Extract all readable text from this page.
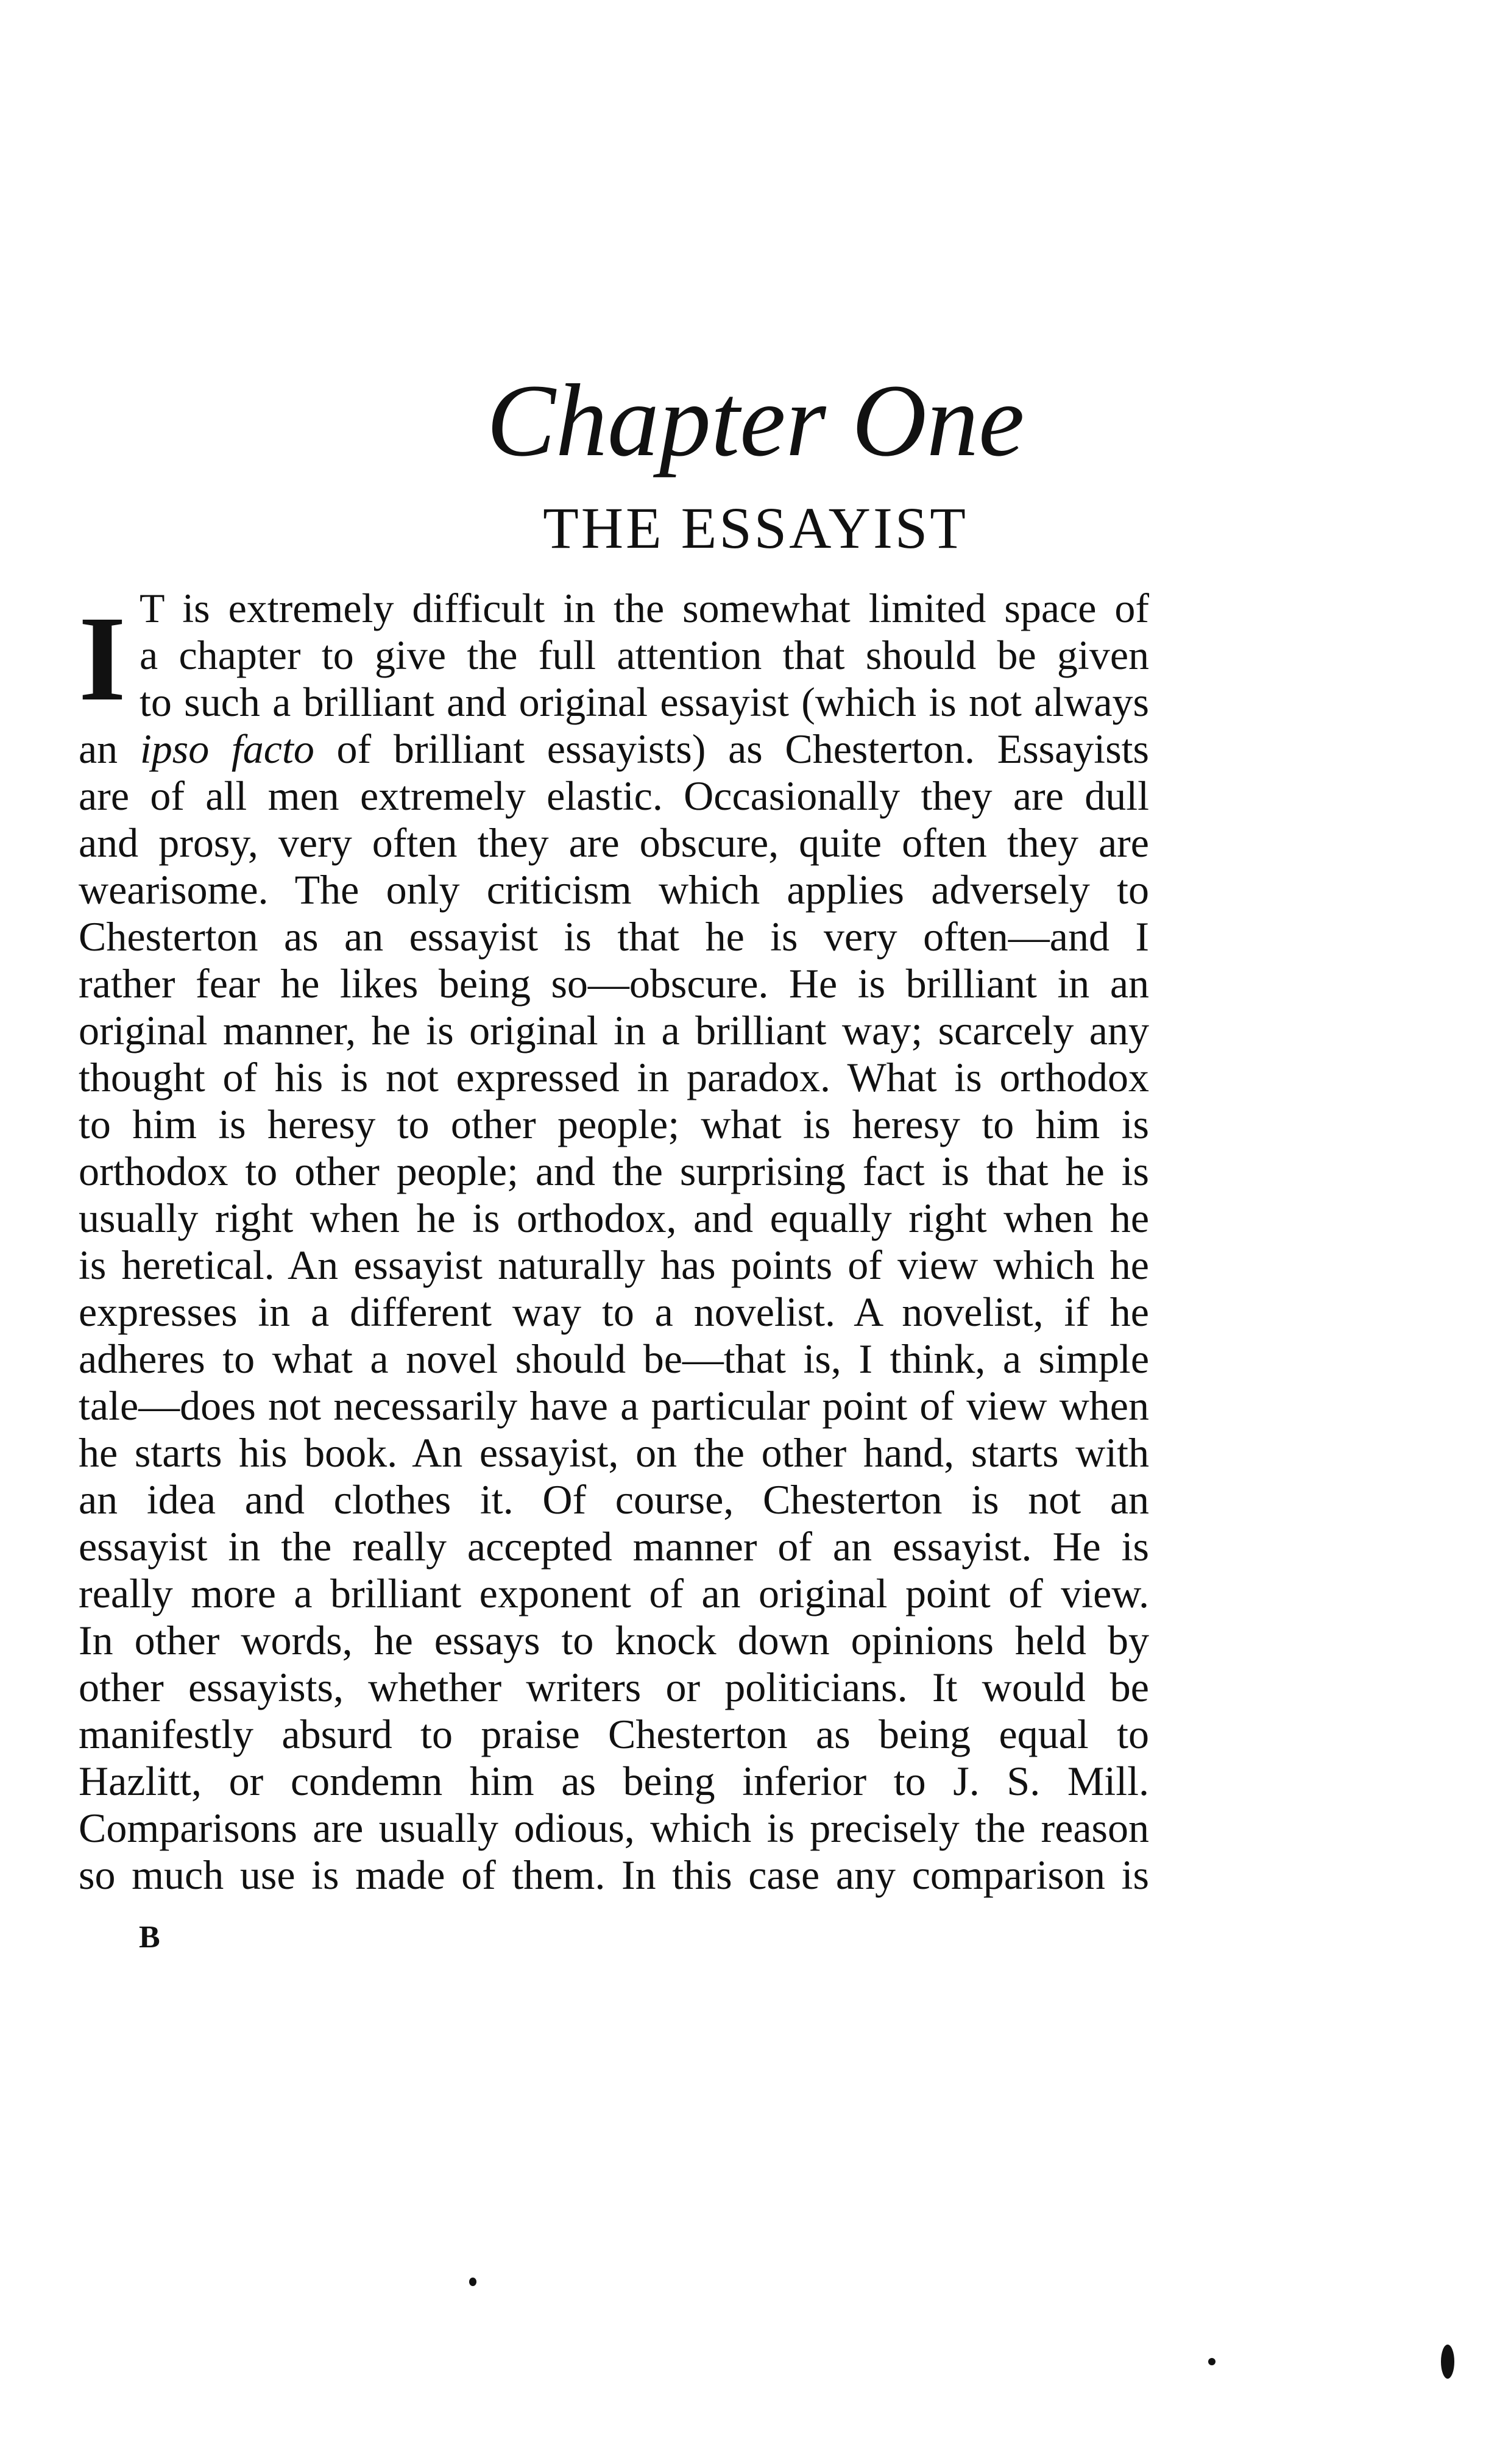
Chapter One
THE ESSAYIST
I T is extremely difficult in the somewhat limited space of
a chapter to give the full attention that should be given
to such a brilliant and original essayist (which is not always
an ipso facto of brilliant essayists) as Chesterton. Essayists
are of all men extremely elastic. Occasionally they are dull
and prosy, very often they are obscure, quite often they are
wearisome. The only criticism which applies adversely to
Chesterton as an essayist is that he is very often—and I
rather fear he likes being so—obscure. He is brilliant in an
original manner, he is original in a brilliant way; scarcely any
thought of his is not expressed in paradox. What is orthodox
to him is heresy to other people; what is heresy to him is
orthodox to other people; and the surprising fact is that he is
usually right when he is orthodox, and equally right when he
is heretical. An essayist naturally has points of view which he
expresses in a different way to a novelist. A novelist, if he
adheres to what a novel should be—that is, I think, a simple
tale—does not necessarily have a particular point of view when
he starts his book. An essayist, on the other hand, starts with
an idea and clothes it. Of course, Chesterton is not an
essayist in the really accepted manner of an essayist. He is
really more a brilliant exponent of an original point of view.
In other words, he essays to knock down opinions held by
other essayists, whether writers or politicians. It would be
manifestly absurd to praise Chesterton as being equal to
Hazlitt, or condemn him as being inferior to J. S. Mill.
Comparisons are usually odious, which is precisely the reason
so much use is made of them. In this case any comparison is
B
